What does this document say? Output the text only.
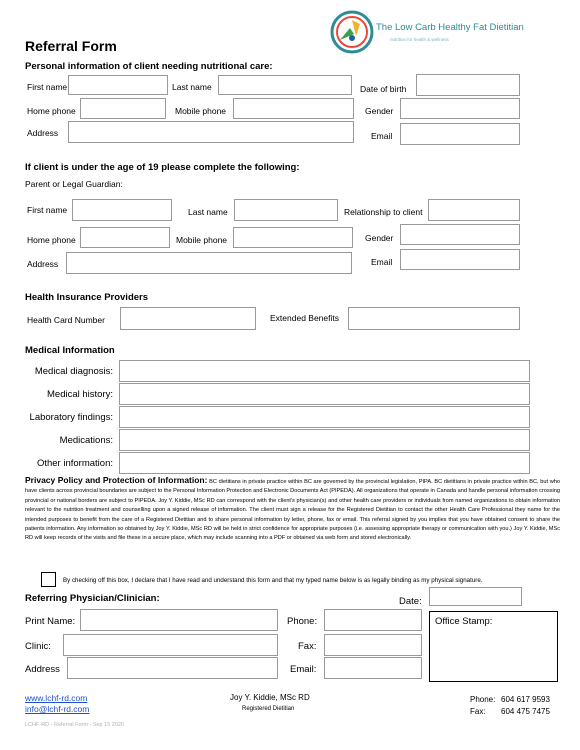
The Low Carb Healthy Fat Dietitian
nutrition for health & wellness
Referral Form
Personal information of client needing nutritional care:
First name	Last name	Date of birth
Home phone	Mobile phone	Gender
Address	Email
If client is under the age of 19 please complete the following:
Parent or Legal Guardian:
First name	Last name	Relationship to client
Home phone	Mobile phone	Gender
Address	Email
Health Insurance Providers
Health Card Number	Extended Benefits
Medical Information
Medical diagnosis:
Medical history:
Laboratory findings:
Medications:
Other information:
Privacy Policy and Protection of Information: BC dietitians in private practice within BC are governed by the provincial legislation, PIPA. BC dietitians in private practice within BC, but who have clients across provincial boundaries are subject to the Personal Information Protection and Electronic Documents Act (PIPEDA). All organizations that operate in Canada and handle personal information crossing provincial or national borders are subject to PIPEDA. Joy Y. Kiddie, MSc RD can correspond with the client's physician(s) and other health care providers or individuals from named organizations to obtain information relevant to the nutrition treatment and counselling upon a signed release of information. The client must sign a release for the Registered Dietitian to contact the other Health Care Professional they name for the intended purposes to benefit from the care of a Registered Dietitian and to share personal information by letter, phone, fax or email. This referral signed by you implies that you have obtained consent to share the patients information. Any information so obtained by Joy Y. Kiddie, MSc RD will be held in strict confidence for appropriate purposes (i.e. assessing appropriate therapy or communication with you.) Joy Y. Kiddie, MSc RD will keep records of the visits and file these in a secure place, which may include scanning into a PDF or obtained via web form and stored electronically.
By checking off this box, I declare that I have read and understand this form and that my typed name below is as legally binding as my physical signature.
Referring Physician/Clinician:	Date:
Print Name:	Phone:
Clinic:	Fax:
Address	Email:
Office Stamp:
www.lchf-rd.com
info@lchf-rd.com
Joy Y. Kiddie, MSc RD
Registered Dietitian
Phone: 604 617 9593
Fax: 604 475 7475
LCHF-RD - Referral Form - Sep 15 2020
